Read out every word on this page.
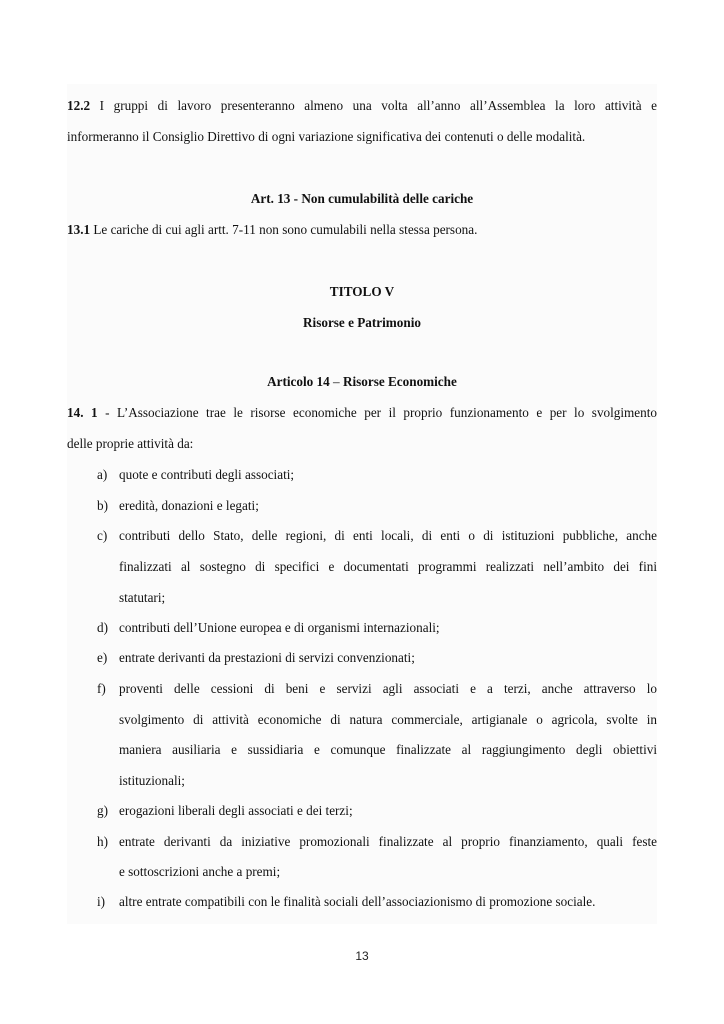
12.2 I gruppi di lavoro presenteranno almeno una volta all’anno all’Assemblea la loro attività e
informeranno il Consiglio Direttivo di ogni variazione significativa dei contenuti o delle modalità.
Art. 13 - Non cumulabilità delle cariche
13.1 Le cariche di cui agli artt. 7-11 non sono cumulabili nella stessa persona.
TITOLO V
Risorse e Patrimonio
Articolo 14 – Risorse Economiche
14. 1 - L’Associazione trae le risorse economiche per il proprio funzionamento e per lo svolgimento
delle proprie attività da:
a) quote e contributi degli associati;
b) eredità, donazioni e legati;
c) contributi dello Stato, delle regioni, di enti locali, di enti o di istituzioni pubbliche, anche
finalizzati al sostegno di specifici e documentati programmi realizzati nell’ambito dei fini
statutari;
d) contributi dell’Unione europea e di organismi internazionali;
e) entrate derivanti da prestazioni di servizi convenzionati;
f) proventi delle cessioni di beni e servizi agli associati e a terzi, anche attraverso lo
svolgimento di attività economiche di natura commerciale, artigianale o agricola, svolte in
maniera ausiliaria e sussidiaria e comunque finalizzate al raggiungimento degli obiettivi
istituzionali;
g) erogazioni liberali degli associati e dei terzi;
h) entrate derivanti da iniziative promozionali finalizzate al proprio finanziamento, quali feste
e sottoscrizioni anche a premi;
i) altre entrate compatibili con le finalità sociali dell’associazionismo di promozione sociale.
13
